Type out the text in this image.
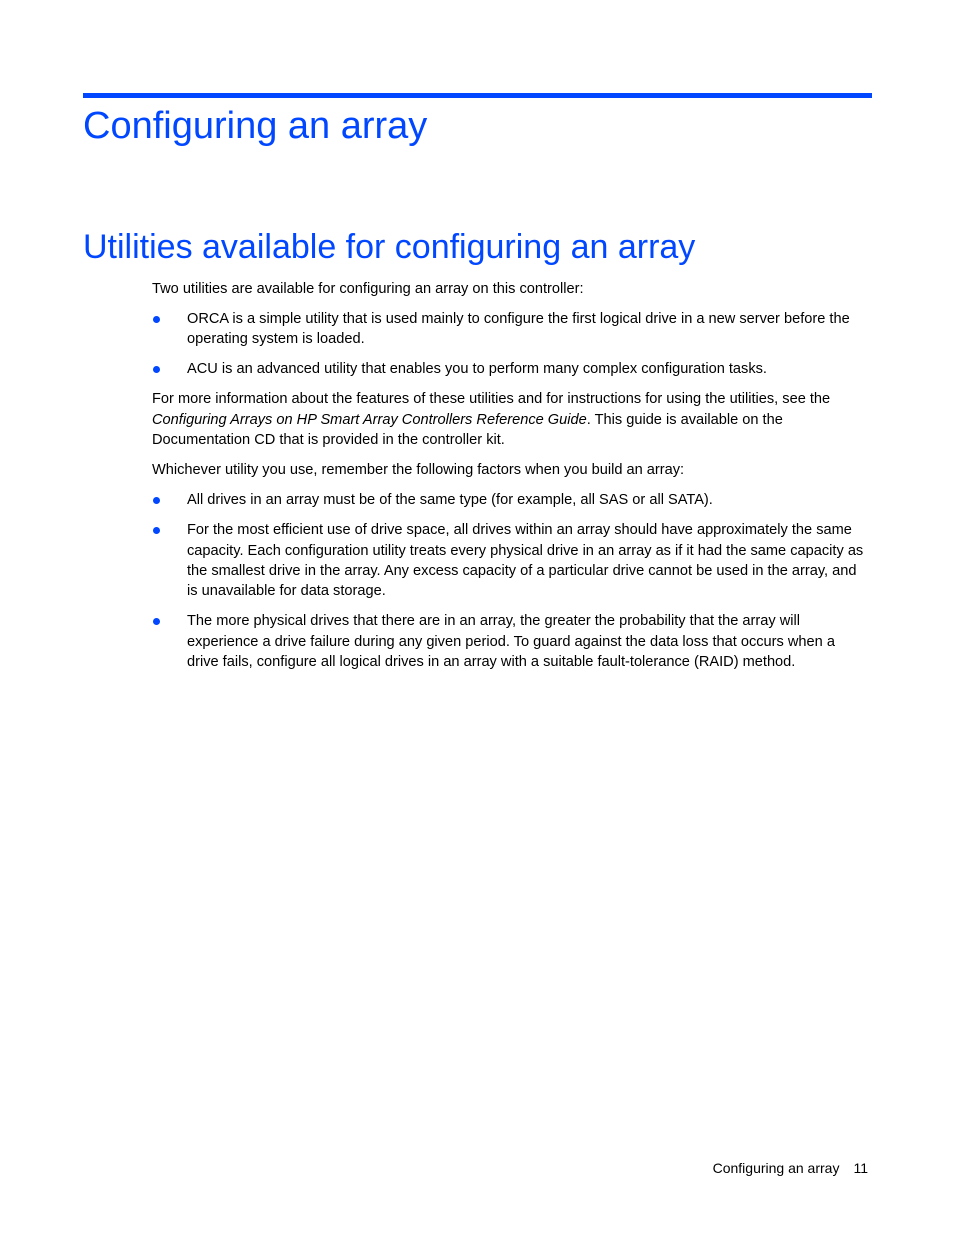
Configuring an array
Utilities available for configuring an array

Two utilities are available for configuring an array on this controller:

ORCA is a simple utility that is used mainly to configure the first logical drive in a new server before the operating system is loaded.
ACU is an advanced utility that enables you to perform many complex configuration tasks.

For more information about the features of these utilities and for instructions for using the utilities, see the Configuring Arrays on HP Smart Array Controllers Reference Guide. This guide is available on the Documentation CD that is provided in the controller kit.

Whichever utility you use, remember the following factors when you build an array:

All drives in an array must be of the same type (for example, all SAS or all SATA).
For the most efficient use of drive space, all drives within an array should have approximately the same capacity. Each configuration utility treats every physical drive in an array as if it had the same capacity as the smallest drive in the array. Any excess capacity of a particular drive cannot be used in the array, and is unavailable for data storage.
The more physical drives that there are in an array, the greater the probability that the array will experience a drive failure during any given period. To guard against the data loss that occurs when a drive fails, configure all logical drives in an array with a suitable fault-tolerance (RAID) method.
Configuring an array 11
